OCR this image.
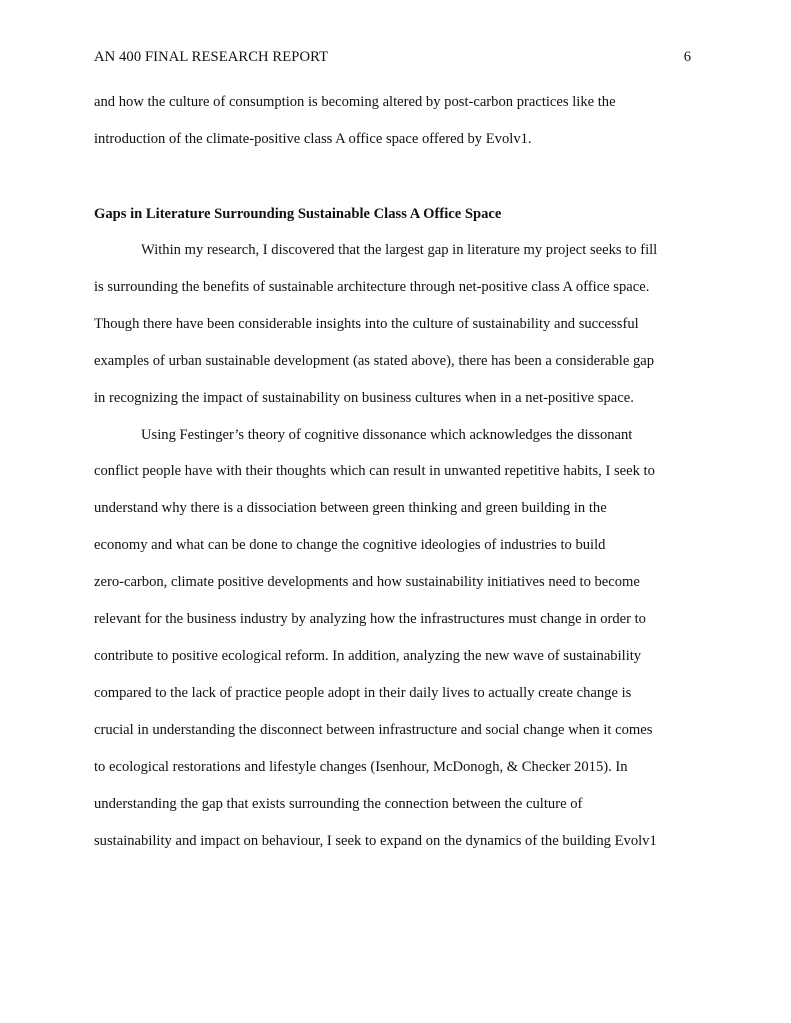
AN 400 FINAL RESEARCH REPORT	6
and how the culture of consumption is becoming altered by post-carbon practices like the
introduction of the climate-positive class A office space offered by Evolv1.
Gaps in Literature Surrounding Sustainable Class A Office Space
Within my research, I discovered that the largest gap in literature my project seeks to fill
is surrounding the benefits of sustainable architecture through net-positive class A office space.
Though there have been considerable insights into the culture of sustainability and successful
examples of urban sustainable development (as stated above), there has been a considerable gap
in recognizing the impact of sustainability on business cultures when in a net-positive space.
Using Festinger’s theory of cognitive dissonance which acknowledges the dissonant
conflict people have with their thoughts which can result in unwanted repetitive habits, I seek to
understand why there is a dissociation between green thinking and green building in the
economy and what can be done to change the cognitive ideologies of industries to build
zero-carbon, climate positive developments and how sustainability initiatives need to become
relevant for the business industry by analyzing how the infrastructures must change in order to
contribute to positive ecological reform. In addition, analyzing the new wave of sustainability
compared to the lack of practice people adopt in their daily lives to actually create change is
crucial in understanding the disconnect between infrastructure and social change when it comes
to ecological restorations and lifestyle changes (Isenhour, McDonogh, & Checker 2015). In
understanding the gap that exists surrounding the connection between the culture of
sustainability and impact on behaviour, I seek to expand on the dynamics of the building Evolv1
